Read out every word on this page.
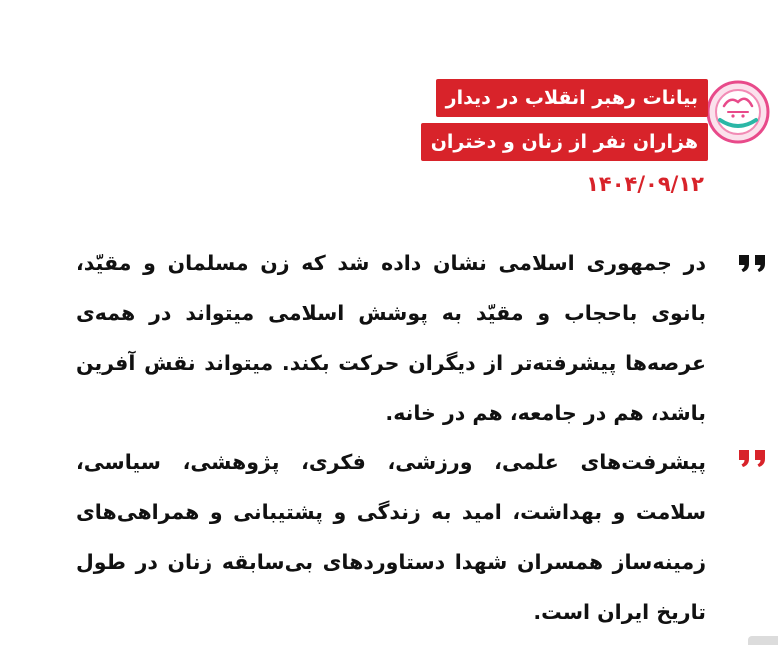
بیانات رهبر انقلاب در دیدار
هزاران نفر از زنان و دختران
۱۴۰۴/۰۹/۱۲
در جمهوری اسلامی نشان داده شد که زن مسلمان و مقیّد، بانوی باحجاب و مقیّد به پوشش اسلامی میتواند در همه‌ی عرصه‌ها پیشرفته‌تر از دیگران حرکت بکند. میتواند نقش آفرین باشد، هم در جامعه، هم در خانه.
پیشرفت‌های علمی، ورزشی، فکری، پژوهشی، سیاسی، سلامت و بهداشت، امید به زندگی و پشتیبانی و همراهی‌های زمینه‌ساز همسران شهدا دستاوردهای بی‌سابقه زنان در طول تاریخ ایران است.
